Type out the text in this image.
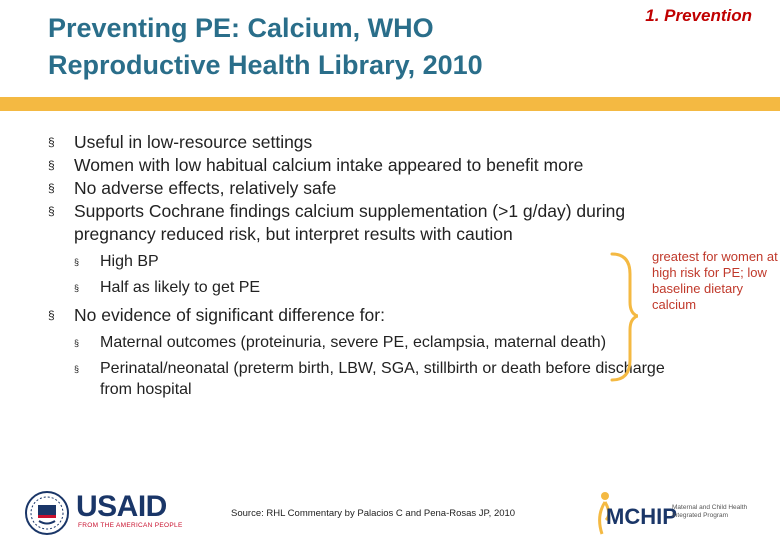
Preventing PE: Calcium, WHO Reproductive Health Library, 2010
1. Prevention
§ Useful in low-resource settings
§ Women with low habitual calcium intake appeared to benefit more
§ No adverse effects, relatively safe
§ Supports Cochrane findings calcium supplementation (>1 g/day) during pregnancy reduced risk, but interpret results with caution
§ High BP
§ Half as likely to get PE
§ No evidence of significant difference for:
§ Maternal outcomes (proteinuria, severe PE, eclampsia, maternal death)
§ Perinatal/neonatal (preterm birth, LBW, SGA, stillbirth or death before discharge from hospital
greatest for women at high risk for PE; low baseline dietary calcium
USAID
FROM THE AMERICAN PEOPLE
Source: RHL Commentary by Palacios C and Pena-Rosas JP, 2010	MCHIP
Maternal and Child Health Integrated Program
